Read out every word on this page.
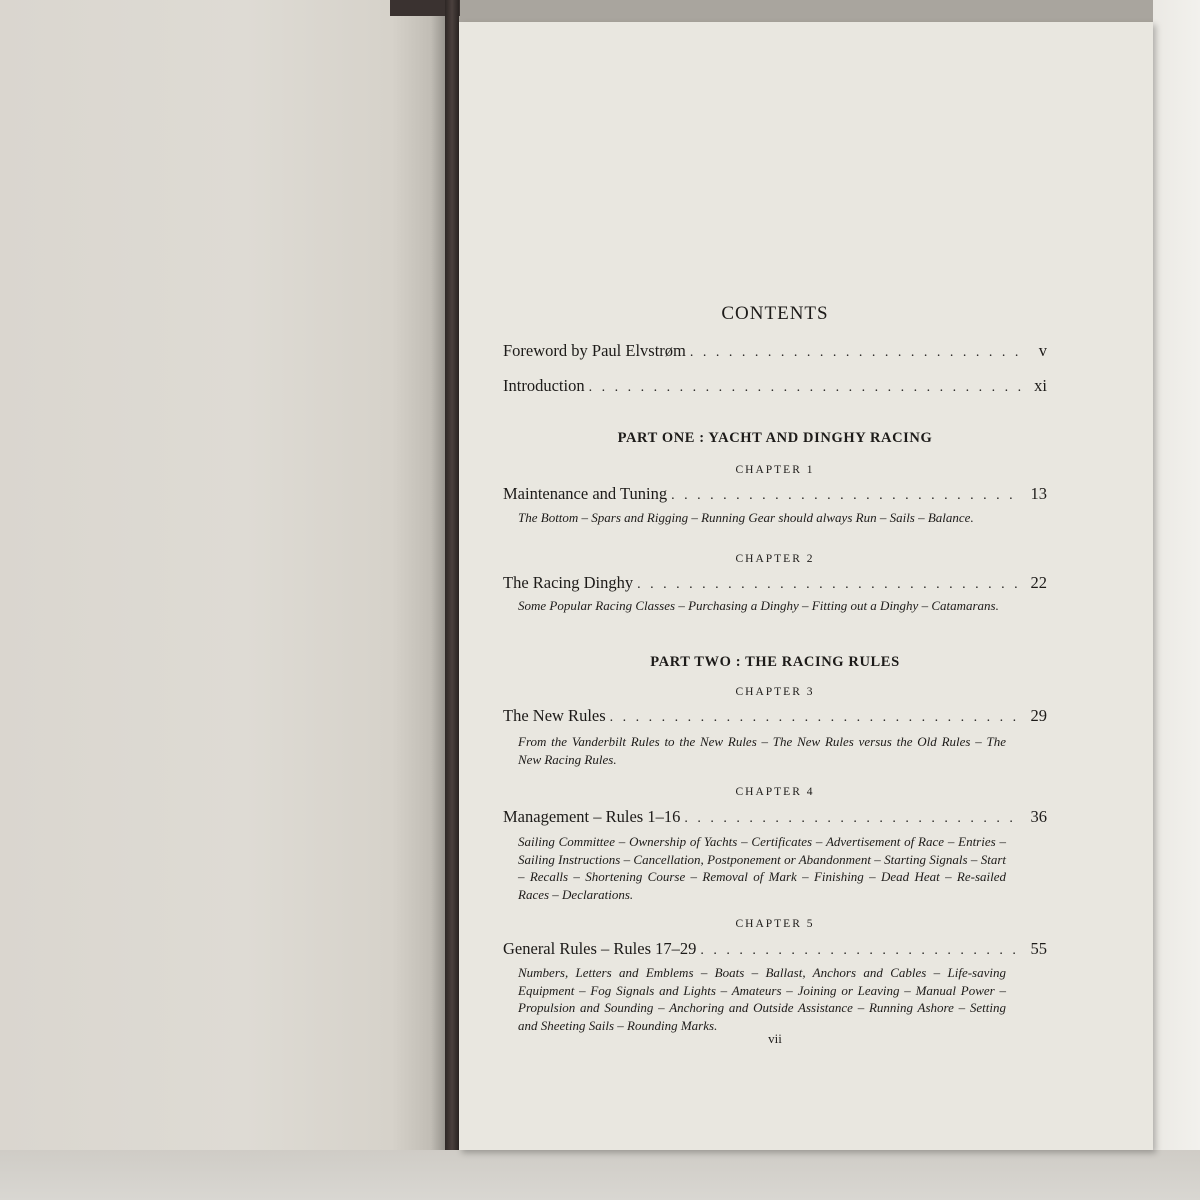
CONTENTS
Foreword by Paul Elvstrøm . . .	v
Introduction . . .	xi
PART ONE : YACHT AND DINGHY RACING
CHAPTER 1
Maintenance and Tuning . . .	13
The Bottom – Spars and Rigging – Running Gear should always Run – Sails – Balance.
CHAPTER 2
The Racing Dinghy . . .	22
Some Popular Racing Classes – Purchasing a Dinghy – Fitting out a Dinghy – Catamarans.
PART TWO : THE RACING RULES
CHAPTER 3
The New Rules . . .	29
From the Vanderbilt Rules to the New Rules – The New Rules versus the Old Rules – The New Racing Rules.
CHAPTER 4
Management – Rules 1–16 . . .	36
Sailing Committee – Ownership of Yachts – Certificates – Advertisement of Race – Entries – Sailing Instructions – Cancellation, Postponement or Abandonment – Starting Signals – Start – Recalls – Shortening Course – Removal of Mark – Finishing – Dead Heat – Re-sailed Races – Declarations.
CHAPTER 5
General Rules – Rules 17–29 . . .	55
Numbers, Letters and Emblems – Boats – Ballast, Anchors and Cables – Life-saving Equipment – Fog Signals and Lights – Amateurs – Joining or Leaving – Manual Power – Propulsion and Sounding – Anchoring and Outside Assistance – Running Ashore – Setting and Sheeting Sails – Rounding Marks.
vii
